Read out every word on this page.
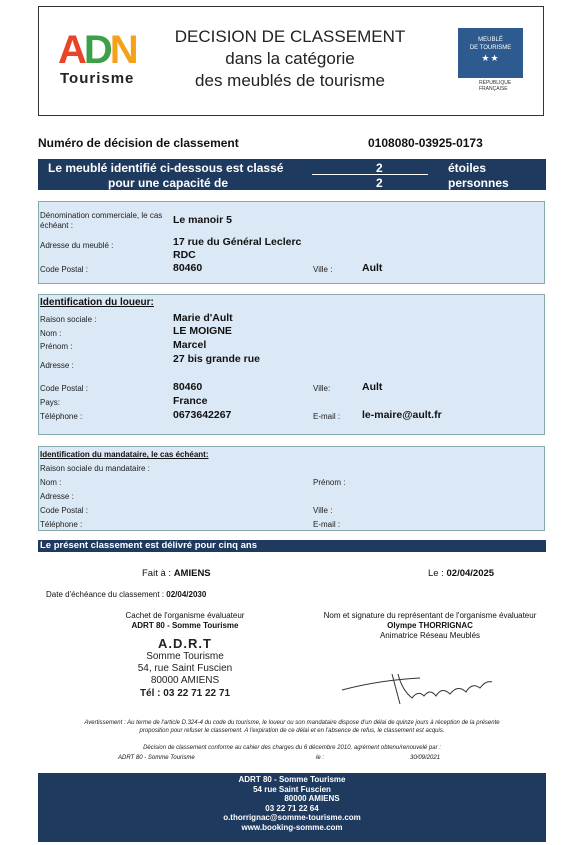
ADN
Tourisme
DECISION DE CLASSEMENT
dans la catégorie
des meublés de tourisme
MEUBLÉ
DE TOURISME
★★
RÉPUBLIQUE FRANÇAISE
Numéro de décision de classement	0108080-03925-0173
Le meublé identifié ci-dessous est classé
pour une capacité de
2	étoiles
2	personnes
Dénomination commerciale, le cas échéant :	Le manoir 5
Adresse du meublé :	17 rue du Général Leclerc
RDC
Code Postal :	80460	Ville :	Ault
Identification du loueur:
Raison sociale :	Marie d'Ault
Nom :	LE MOIGNE
Prénom :	Marcel
Adresse :
27 bis grande rue
Code Postal :	80460	Ville:	Ault
Pays:	France
Téléphone :	0673642267	E-mail : le-maire@ault.fr
Identification du mandataire, le cas échéant:
Raison sociale du mandataire :
Nom :	Prénom :
Adresse :
Code Postal :	Ville :
Téléphone :	E-mail :
Le présent classement est délivré pour cinq ans
Fait à : AMIENS	Le : 02/04/2025
Date d'échéance du classement : 02/04/2030
Cachet de l'organisme évaluateur
ADRT 80 - Somme Tourisme
A.D.R.T
Somme Tourisme
54, rue Saint Fuscien
80000 AMIENS
Tél : 03 22 71 22 71
Nom et signature du représentant de l'organisme évaluateur
Olympe THORRIGNAC
Animatrice Réseau Meublés
Avertissement : Au terme de l'article D.324-4 du code du tourisme, le loueur ou son mandataire dispose d'un délai de quinze jours à réception de la présente
proposition pour refuser le classement. A l'expiration de ce délai et en l'absence de refus, le classement est acquis.
Décision de classement conforme au cahier des charges du 6 décembre 2010, agrément obtenu/renouvelé par :
ADRT 80 - Somme Tourisme	le :	30/09/2021
ADRT 80 - Somme Tourisme
54 rue Saint Fuscien
80000 AMIENS
03 22 71 22 64
o.thorrignac@somme-tourisme.com
www.booking-somme.com
